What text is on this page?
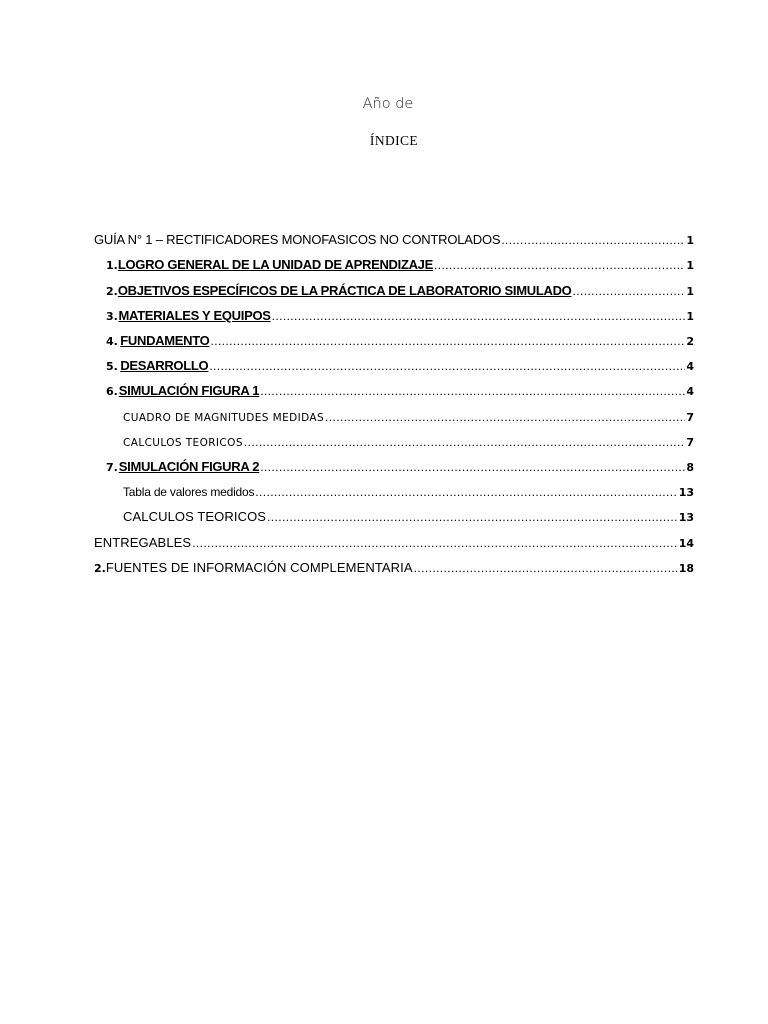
Año de
ÍNDICE
GUÍA N° 1 – RECTIFICADORES MONOFASICOS NO CONTROLADOS .....	1
1. LOGRO GENERAL DE LA UNIDAD DE APRENDIZAJE .....	1
2. OBJETIVOS ESPECÍFICOS DE LA PRÁCTICA DE LABORATORIO SIMULADO .....	1
3. MATERIALES Y EQUIPOS .....	1
4. FUNDAMENTO .....	2
5. DESARROLLO .....	4
6. SIMULACIÓN FIGURA 1 .....	4
CUADRO DE MAGNITUDES MEDIDAS .....	7
CALCULOS TEORICOS .....	7
7. SIMULACIÓN FIGURA 2 .....	8
Tabla de valores medidos .....	13
CALCULOS TEORICOS .....	13
ENTREGABLES .....	14
2. FUENTES DE INFORMACIÓN COMPLEMENTARIA .....	18
